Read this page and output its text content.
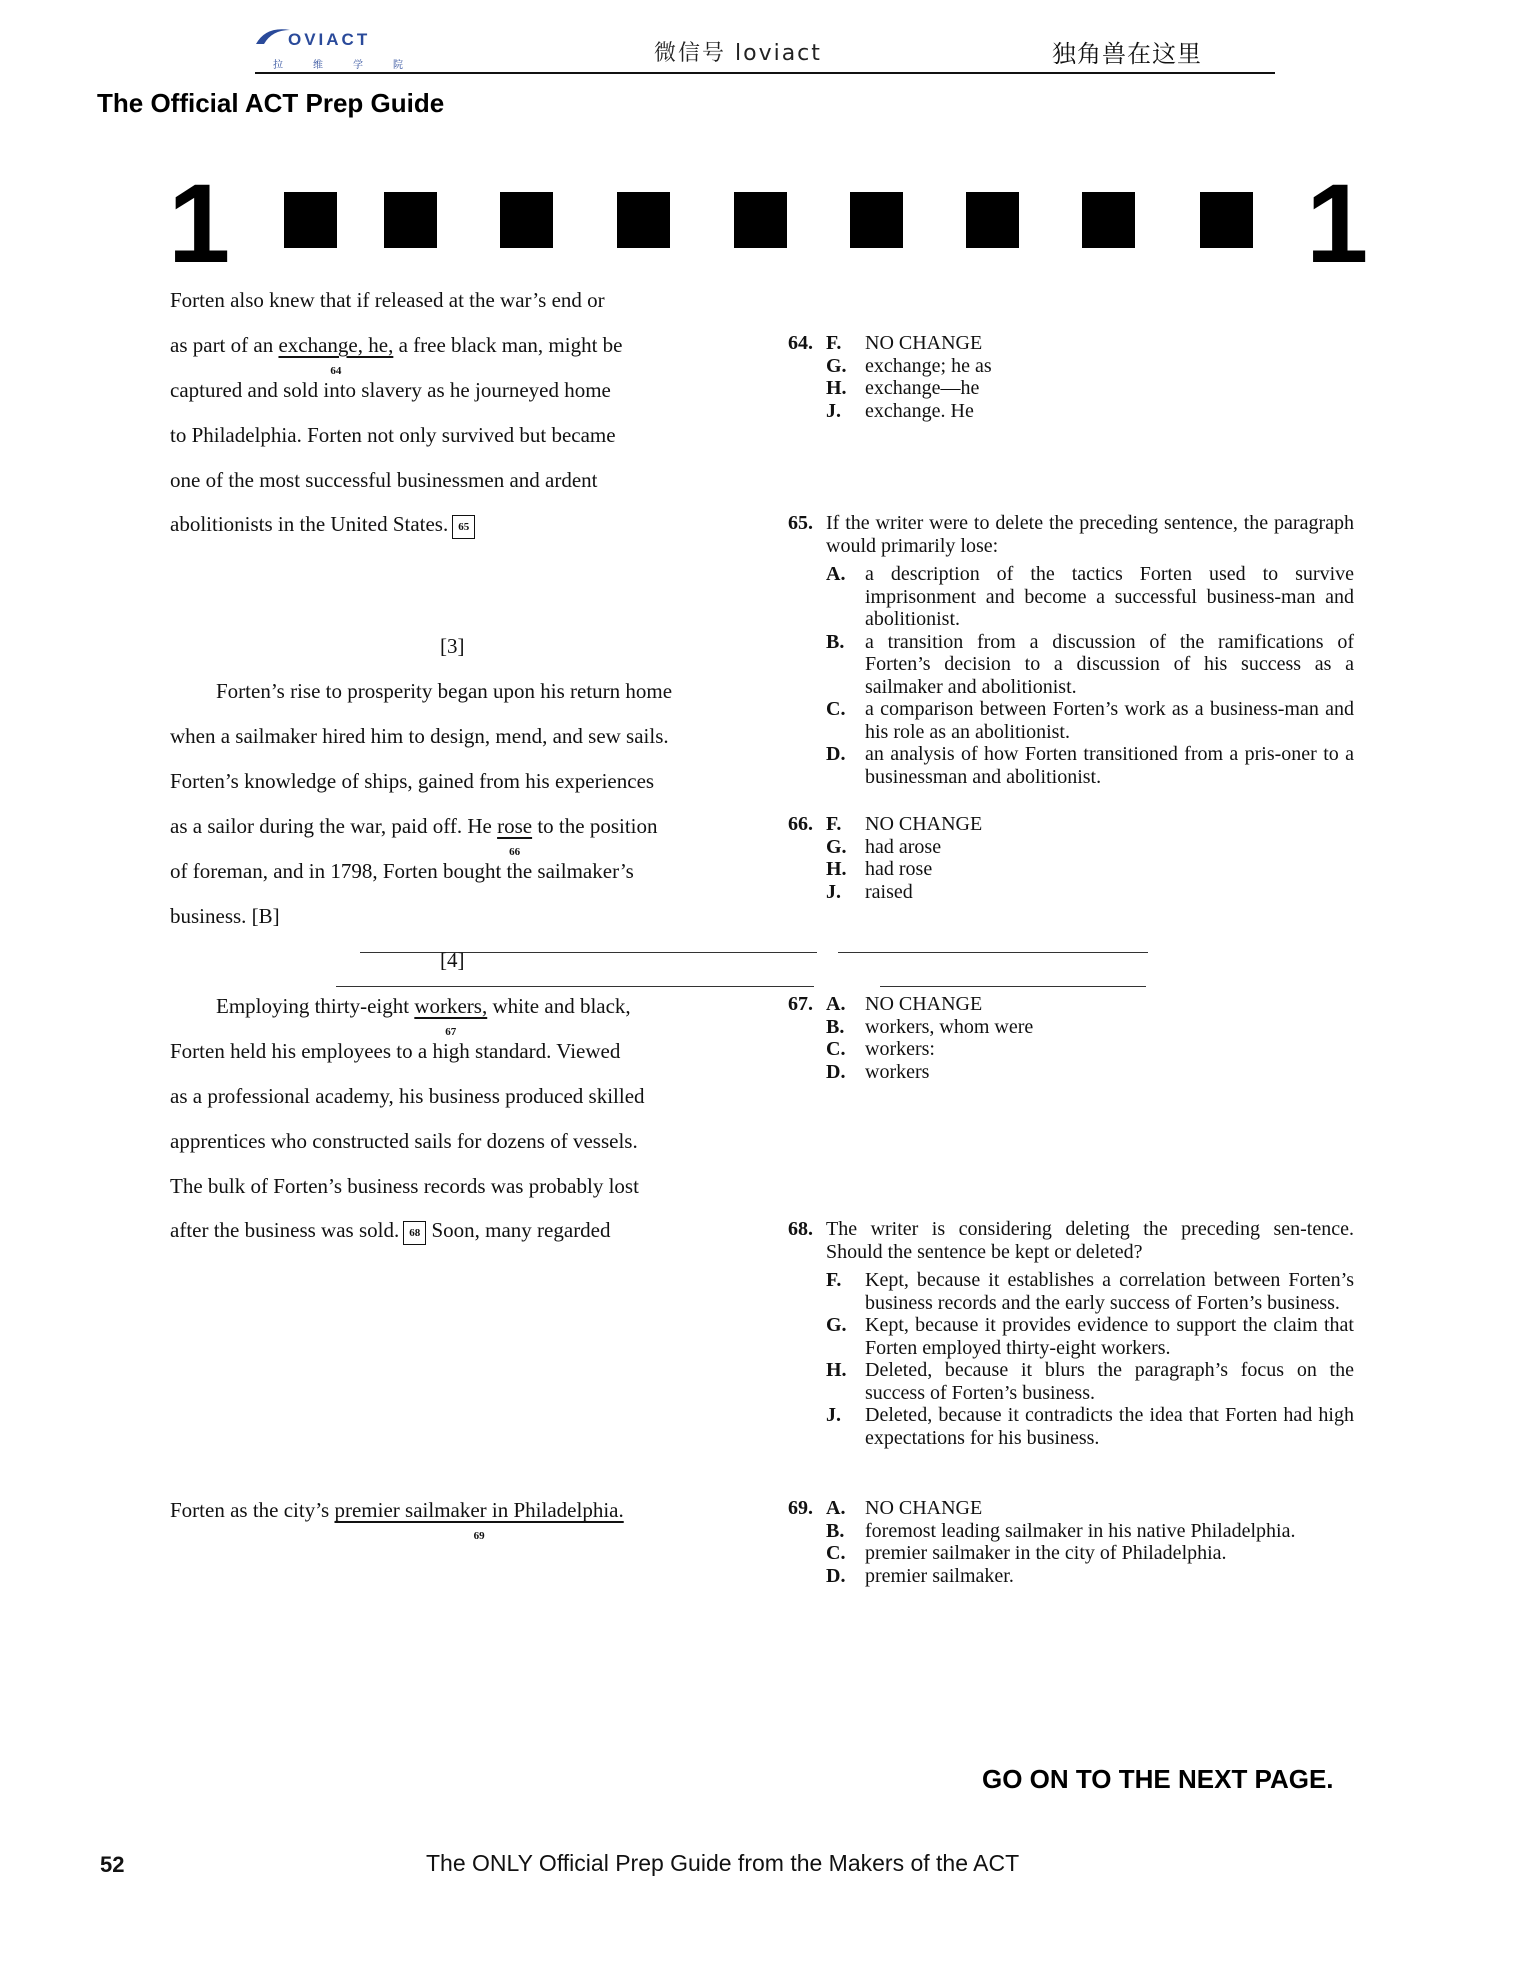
OVIACT
拉	维	学	院	微信号 loviact	独角兽在这里
The Official ACT Prep Guide
1	1
Forten also knew that if released at the war’s end or
as part of an exchange, he,
64
a free black man, might be
captured and sold into slavery as he journeyed home
to Philadelphia. Forten not only survived but became
one of the most successful businessmen and ardent
abolitionists in the United States. 65
[3]
Forten’s rise to prosperity began upon his return home
when a sailmaker hired him to design, mend, and sew sails.
Forten’s knowledge of ships, gained from his experiences
as a sailor during the war, paid off. He rose
66
to the position
of foreman, and in 1798, Forten bought the sailmaker’s
business. [B]
[4]
Employing thirty-eight workers,
67
white and black,
Forten held his employees to a high standard. Viewed
as a professional academy, his business produced skilled
apprentices who constructed sails for dozens of vessels.
The bulk of Forten’s business records was probably lost
after the business was sold. 68 Soon, many regarded
Forten as the city’s premier sailmaker in Philadelphia.
69
64. F. NO CHANGE
G. exchange; he as
H. exchange—he
J. exchange. He
65. If the writer were to delete the preceding sentence, the paragraph would primarily lose:
A. a description of the tactics Forten used to survive imprisonment and become a successful business-man and abolitionist.
B. a transition from a discussion of the ramifications of Forten’s decision to a discussion of his success as a sailmaker and abolitionist.
C. a comparison between Forten’s work as a business-man and his role as an abolitionist.
D. an analysis of how Forten transitioned from a pris-oner to a businessman and abolitionist.
66. F. NO CHANGE
G. had arose
H. had rose
J. raised
67. A. NO CHANGE
B. workers, whom were
C. workers:
D. workers
68. The writer is considering deleting the preceding sen-tence. Should the sentence be kept or deleted?
F. Kept, because it establishes a correlation between Forten’s business records and the early success of Forten’s business.
G. Kept, because it provides evidence to support the claim that Forten employed thirty-eight workers.
H. Deleted, because it blurs the paragraph’s focus on the success of Forten’s business.
J. Deleted, because it contradicts the idea that Forten had high expectations for his business.
69. A. NO CHANGE
B. foremost leading sailmaker in his native Philadelphia.
C. premier sailmaker in the city of Philadelphia.
D. premier sailmaker.
GO ON TO THE NEXT PAGE.
52	The ONLY Official Prep Guide from the Makers of the ACT
